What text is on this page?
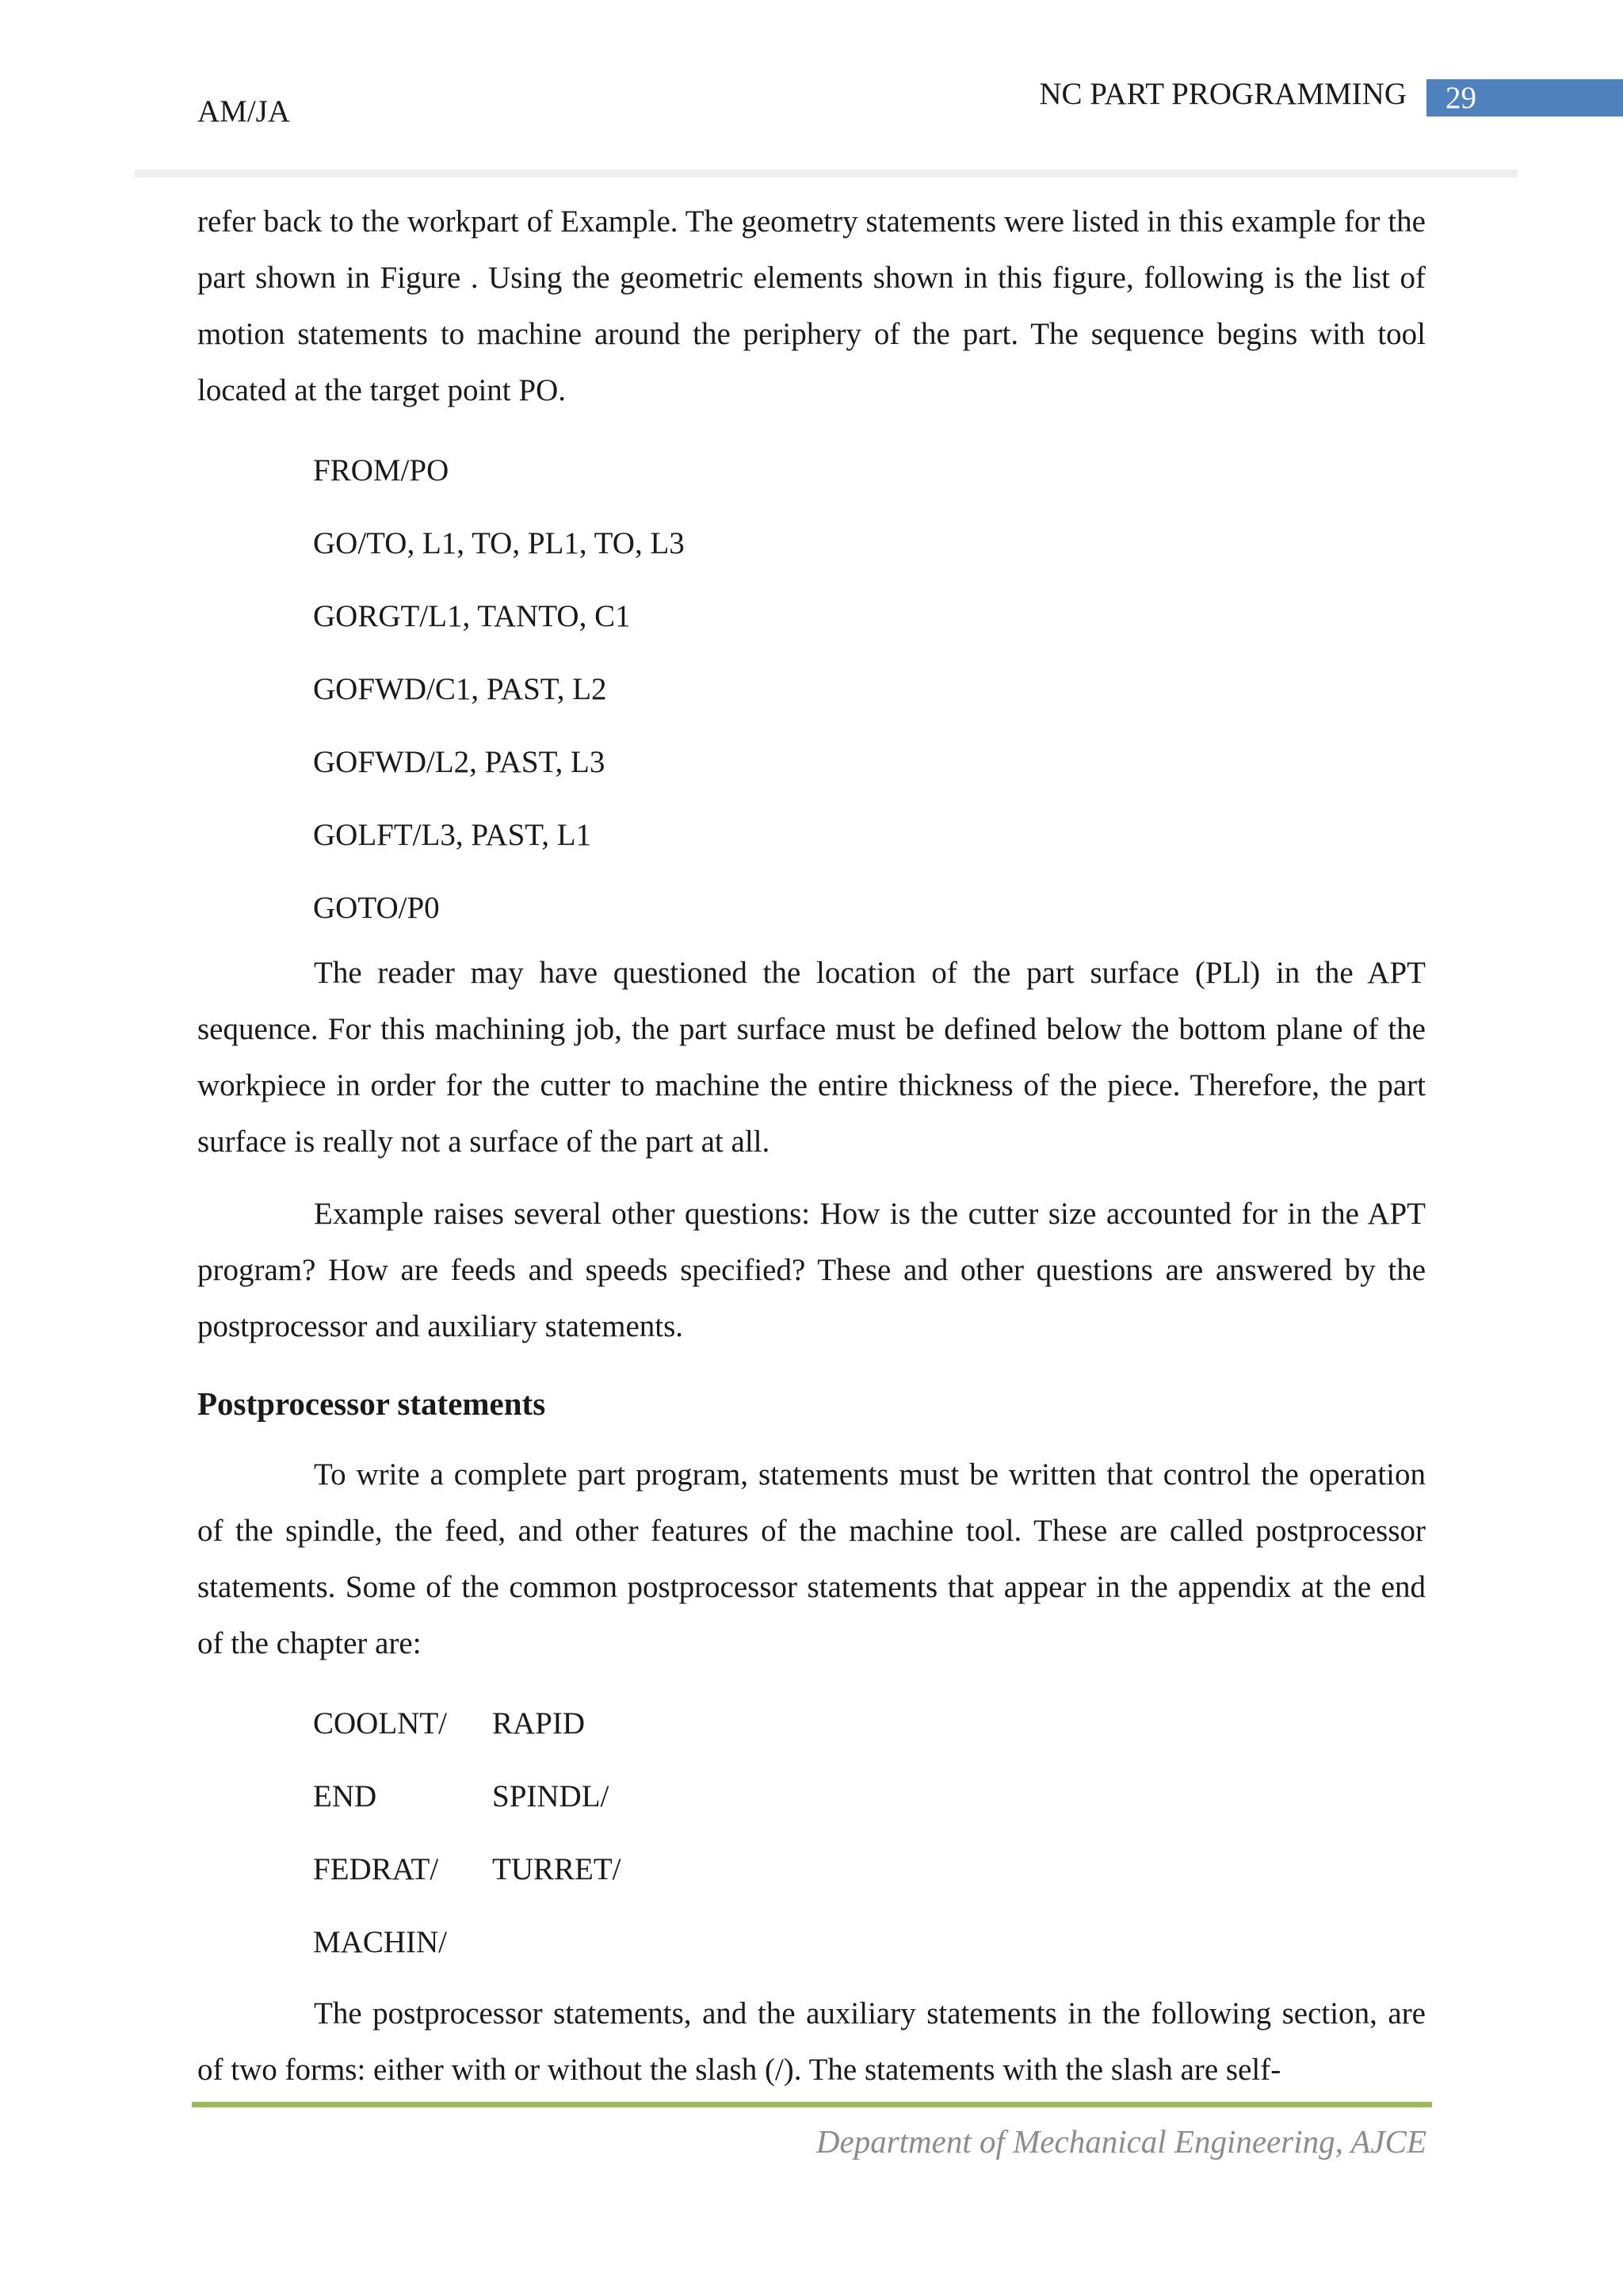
AM/JA
NC PART PROGRAMMING	29

refer back to the workpart of Example. The geometry statements were listed in this example for the part shown in Figure . Using the geometric elements shown in this figure, following is the list of motion statements to machine around the periphery of the part. The sequence begins with tool located at the target point PO.

FROM/PO
GO/TO, L1, TO, PL1, TO, L3
GORGT/L1, TANTO, C1
GOFWD/C1, PAST, L2
GOFWD/L2, PAST, L3
GOLFT/L3, PAST, L1
GOTO/P0

The reader may have questioned the location of the part surface (PLl) in the APT sequence. For this machining job, the part surface must be defined below the bottom plane of the workpiece in order for the cutter to machine the entire thickness of the piece. Therefore, the part surface is really not a surface of the part at all.

Example raises several other questions: How is the cutter size accounted for in the APT program? How are feeds and speeds specified? These and other questions are answered by the postprocessor and auxiliary statements.

Postprocessor statements

To write a complete part program, statements must be written that control the operation of the spindle, the feed, and other features of the machine tool. These are called postprocessor statements. Some of the common postprocessor statements that appear in the appendix at the end of the chapter are:

COOLNT/	RAPID
END	SPINDL/
FEDRAT/	TURRET/
MACHIN/

The postprocessor statements, and the auxiliary statements in the following section, are of two forms: either with or without the slash (/). The statements with the slash are self-

Department of Mechanical Engineering, AJCE
